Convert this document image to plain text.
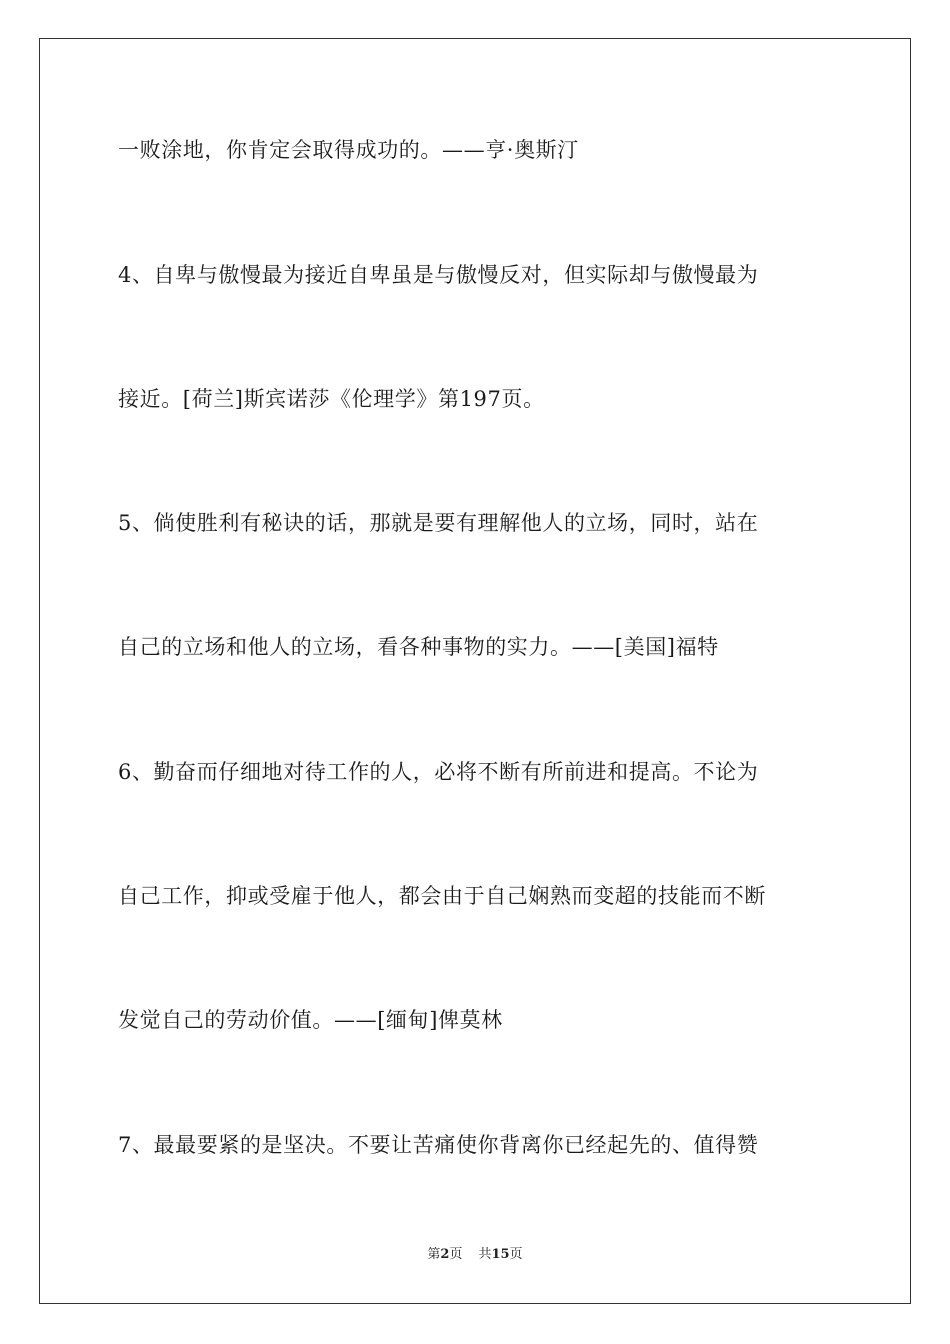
一败涂地，你肯定会取得成功的。——亨·奥斯汀
4、自卑与傲慢最为接近自卑虽是与傲慢反对，但实际却与傲慢最为
接近。[荷兰]斯宾诺莎《伦理学》第197页。
5、倘使胜利有秘诀的话，那就是要有理解他人的立场，同时，站在
自己的立场和他人的立场，看各种事物的实力。——[美国]福特
6、勤奋而仔细地对待工作的人，必将不断有所前进和提高。不论为
自己工作，抑或受雇于他人，都会由于自己娴熟而变超的技能而不断
发觉自己的劳动价值。——[缅甸]俾莫林
7、最最要紧的是坚决。不要让苦痛使你背离你已经起先的、值得赞
第2页 共15页
